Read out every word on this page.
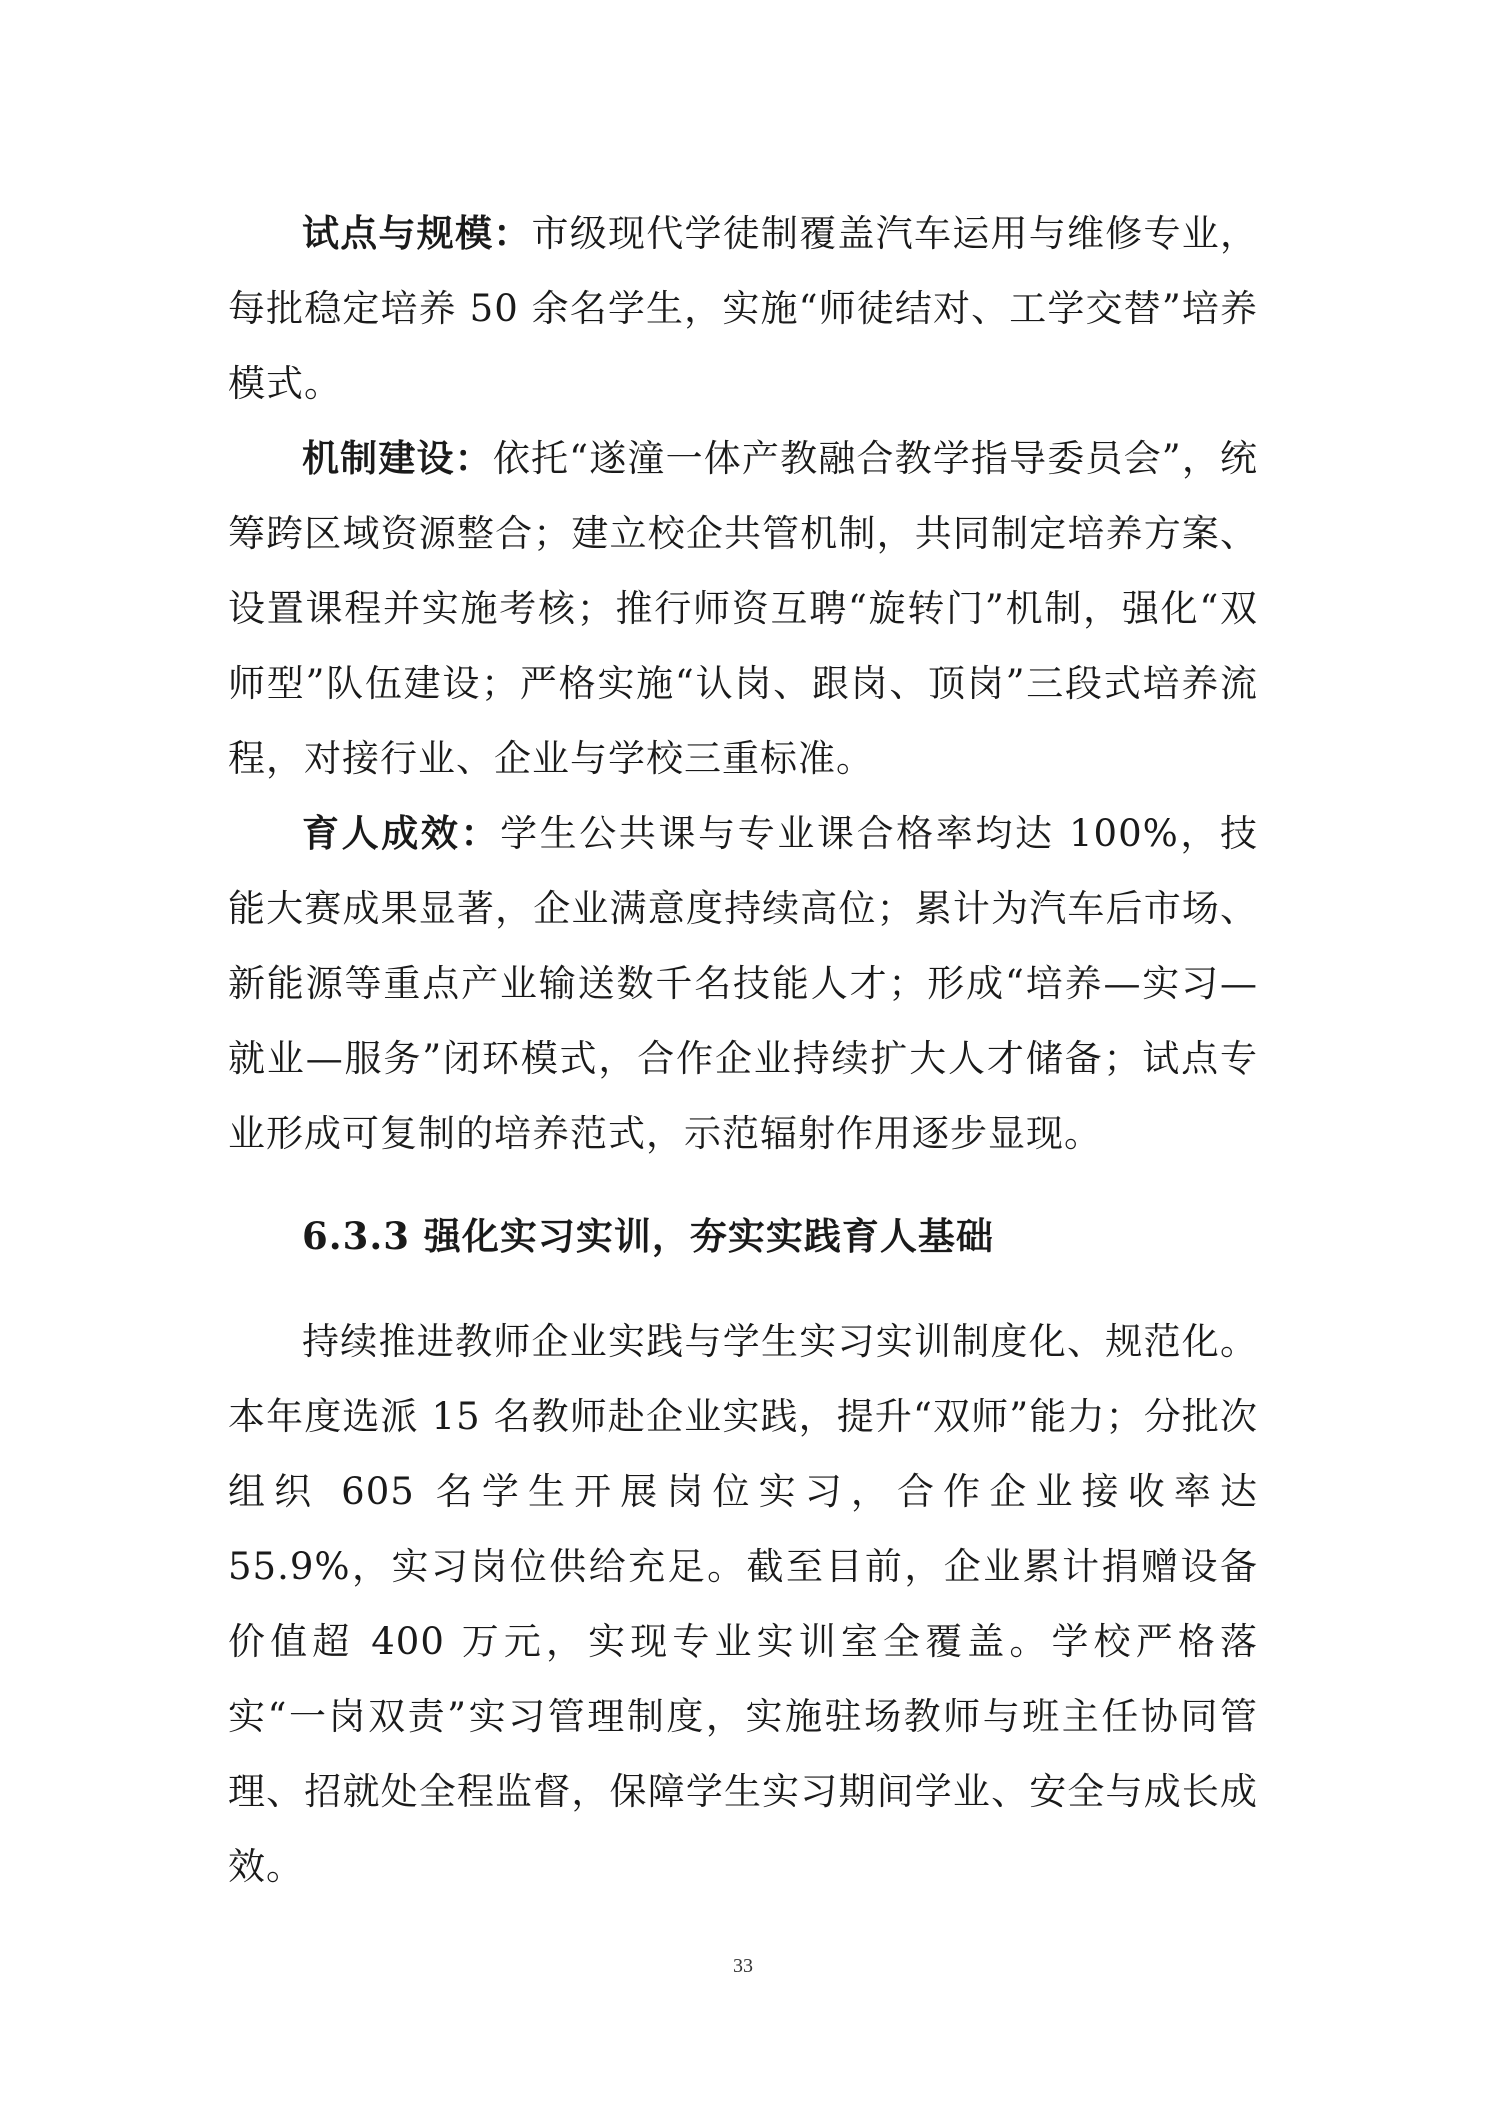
试点与规模：市级现代学徒制覆盖汽车运用与维修专业，每批稳定培养 50 余名学生，实施“师徒结对、工学交替”培养模式。

机制建设：依托“遂潼一体产教融合教学指导委员会”，统筹跨区域资源整合；建立校企共管机制，共同制定培养方案、设置课程并实施考核；推行师资互聘“旋转门”机制，强化“双师型”队伍建设；严格实施“认岗、跟岗、顶岗”三段式培养流程，对接行业、企业与学校三重标准。

育人成效：学生公共课与专业课合格率均达 100%，技能大赛成果显著，企业满意度持续高位；累计为汽车后市场、新能源等重点产业输送数千名技能人才；形成“培养—实习—就业—服务”闭环模式，合作企业持续扩大人才储备；试点专业形成可复制的培养范式，示范辐射作用逐步显现。

6.3.3 强化实习实训，夯实实践育人基础

持续推进教师企业实践与学生实习实训制度化、规范化。本年度选派 15 名教师赴企业实践，提升“双师”能力；分批次组织 605 名学生开展岗位实习，合作企业接收率达 55.9%，实习岗位供给充足。截至目前，企业累计捐赠设备价值超 400 万元，实现专业实训室全覆盖。学校严格落实“一岗双责”实习管理制度，实施驻场教师与班主任协同管理、招就处全程监督，保障学生实习期间学业、安全与成长成效。

33
